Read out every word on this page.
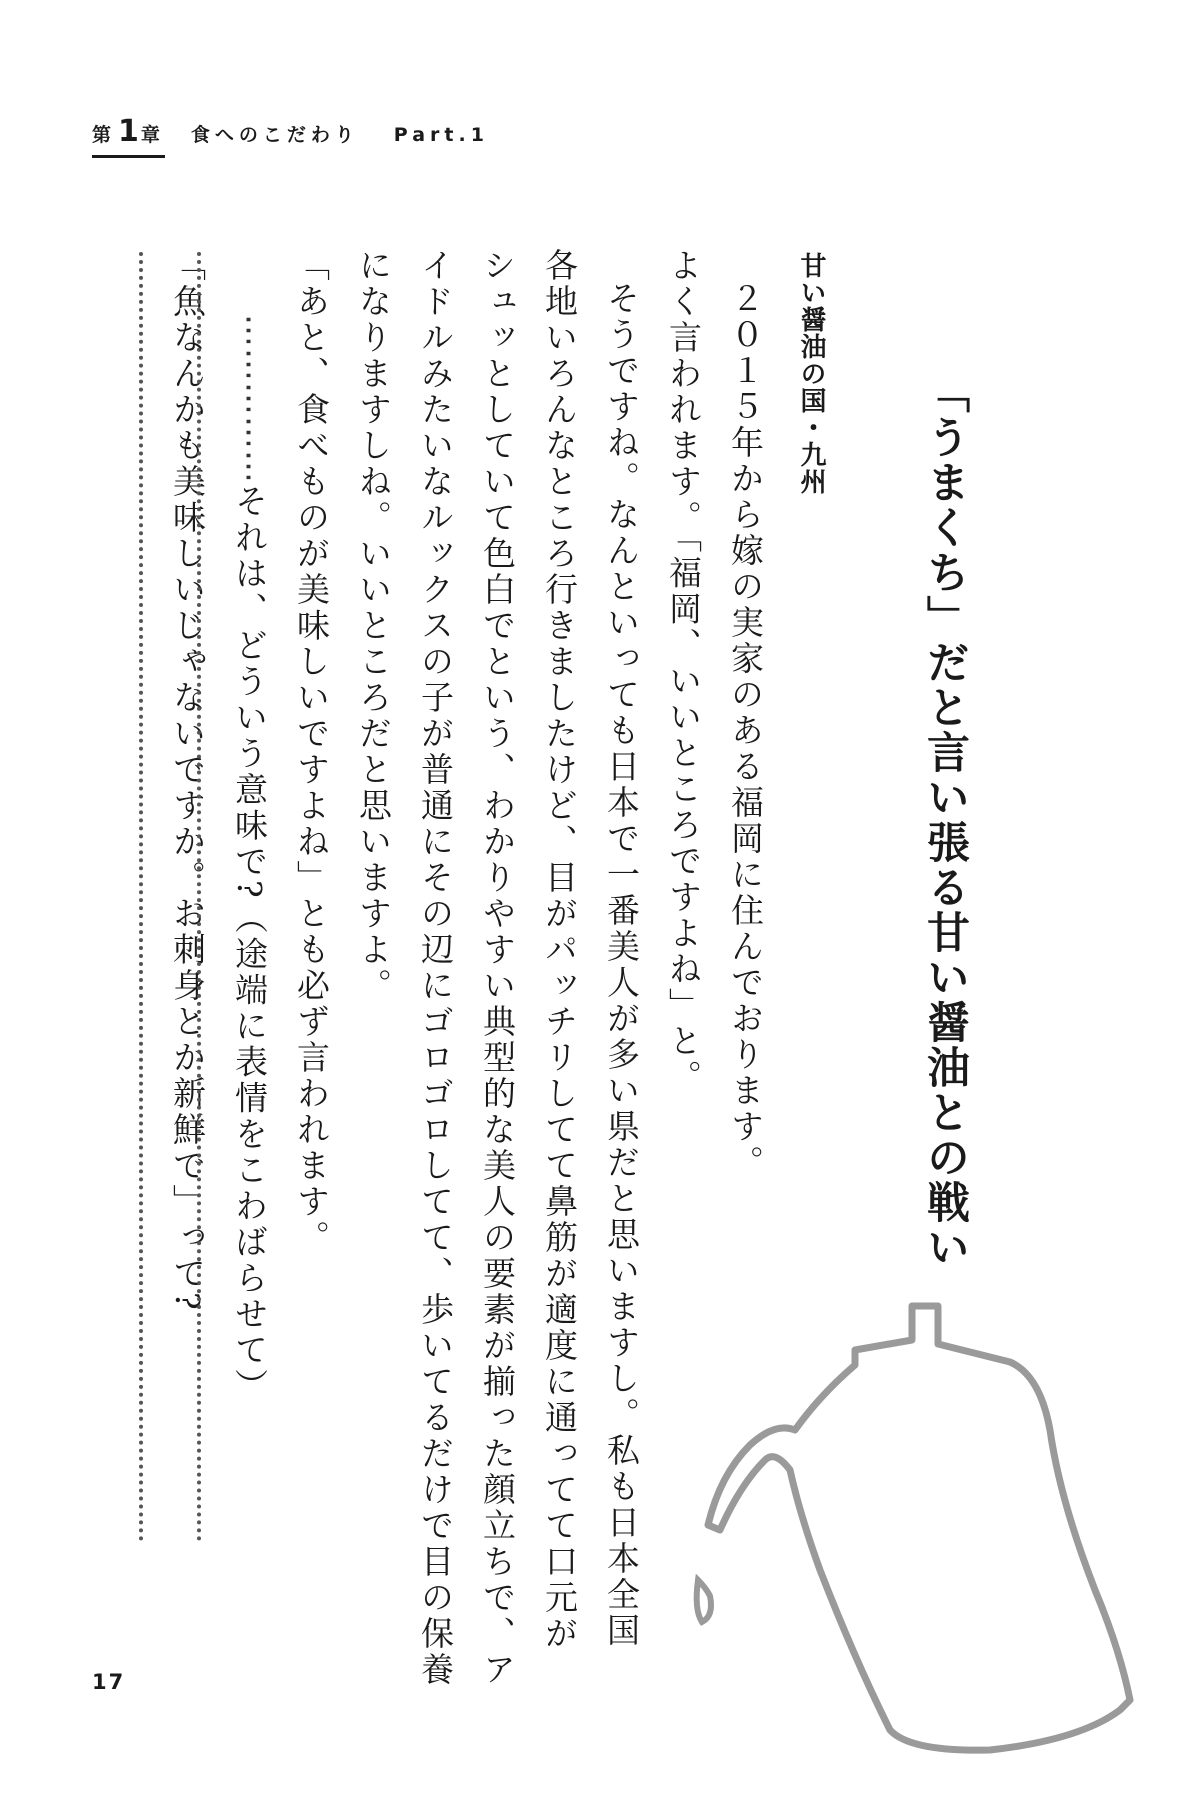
第1 章 食へのこだわり Part.1
「うまくち」だと言い張る甘い醤油との戦い
甘い醤油の国・九州

２０１５年から嫁の実家のある福岡に住んでおります。

よく言われます。「福岡、いいところですよね」と。

そうですね。なんといっても日本で一番美人が多い県だと思いますし。私も日本全国

各地いろんなところ行きましたけど、目がパッチリしてて鼻筋が適度に通ってて口元が

シュッとしていて色白でという、わかりやすい典型的な美人の要素が揃った顔立ちで、ア

イドルみたいなルックスの子が普通にその辺にゴロゴロしてて、歩いてるだけで目の保養

になりますしね。いいところだと思いますよ。

「あと、食べものが美味しいですよね」とも必ず言われます。

⋯⋯⋯⋯⋯それは、どういう意味で?（途端に表情をこわばらせて）

「魚なんかも美味しいじゃないですか。お刺身とか新鮮で」って?

17
